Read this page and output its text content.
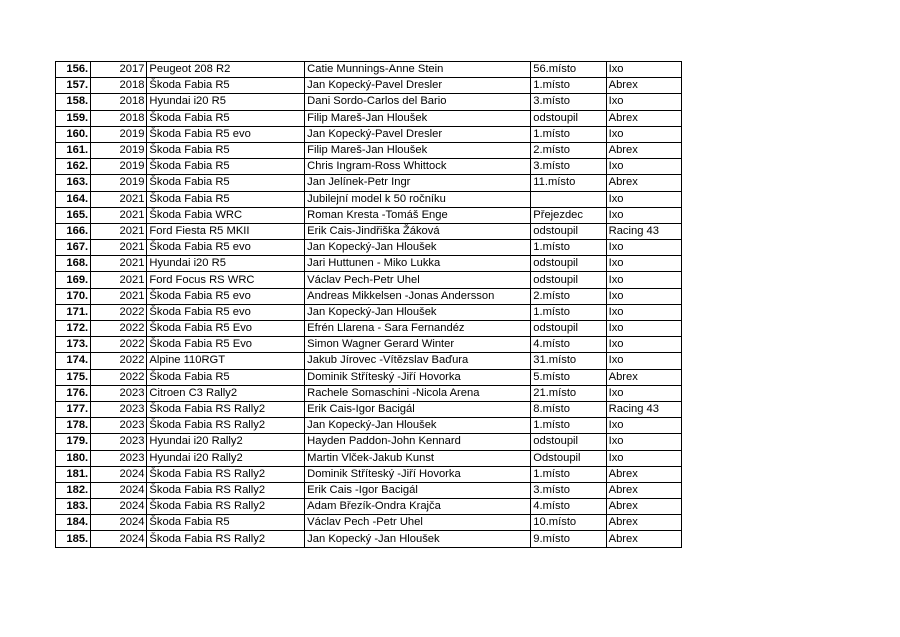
156.	2017	Peugeot 208 R2	Catie Munnings-Anne Stein	56.místo	Ixo
157.	2018	Škoda Fabia R5	Jan Kopecký-Pavel Dresler	1.místo	Abrex
158.	2018	Hyundai i20 R5	Dani Sordo-Carlos del Bario	3.místo	Ixo
159.	2018	Škoda Fabia R5	Filip Mareš-Jan Hloušek	odstoupil	Abrex
160.	2019	Škoda Fabia R5 evo	Jan Kopecký-Pavel Dresler	1.místo	Ixo
161.	2019	Škoda Fabia R5	Filip Mareš-Jan Hloušek	2.místo	Abrex
162.	2019	Škoda Fabia R5	Chris Ingram-Ross Whittock	3.místo	Ixo
163.	2019	Škoda Fabia R5	Jan Jelínek-Petr Ingr	11.místo	Abrex
164.	2021	Škoda Fabia R5	Jubilejní model k 50 ročníku		Ixo
165.	2021	Škoda Fabia WRC	Roman Kresta -Tomáš Enge	Přejezdec	Ixo
166.	2021	Ford Fiesta R5 MKII	Erik Cais-Jindřiška Žáková	odstoupil	Racing 43
167.	2021	Škoda Fabia R5 evo	Jan Kopecký-Jan Hloušek	1.místo	Ixo
168.	2021	Hyundai i20 R5	Jari Huttunen - Miko Lukka	odstoupil	Ixo
169.	2021	Ford Focus RS WRC	Václav Pech-Petr Uhel	odstoupil	Ixo
170.	2021	Škoda Fabia R5 evo	Andreas Mikkelsen -Jonas Andersson	2.místo	Ixo
171.	2022	Škoda Fabia R5 evo	Jan Kopecký-Jan Hloušek	1.místo	Ixo
172.	2022	Škoda Fabia R5 Evo	Efrén Llarena - Sara Fernandéz	odstoupil	Ixo
173.	2022	Škoda Fabia R5 Evo	Simon Wagner Gerard Winter	4.místo	Ixo
174.	2022	Alpine 110RGT	Jakub Jírovec -Vítězslav Baďura	31.místo	Ixo
175.	2022	Škoda Fabia R5	Dominik Stříteský -Jiří Hovorka	5.místo	Abrex
176.	2023	Citroen C3 Rally2	Rachele Somaschini -Nicola Arena	21.místo	Ixo
177.	2023	Škoda Fabia RS Rally2	Erik Cais-Igor Bacigál	8.místo	Racing 43
178.	2023	Škoda Fabia RS Rally2	Jan Kopecký-Jan Hloušek	1.místo	Ixo
179.	2023	Hyundai i20 Rally2	Hayden Paddon-John Kennard	odstoupil	Ixo
180.	2023	Hyundai i20 Rally2	Martin Vlček-Jakub Kunst	Odstoupil	Ixo
181.	2024	Škoda Fabia RS Rally2	Dominik Stříteský -Jiří Hovorka	1.místo	Abrex
182.	2024	Škoda Fabia RS Rally2	Erik Cais -Igor Bacigál	3.místo	Abrex
183.	2024	Škoda Fabia RS Rally2	Adam Březík-Ondra Krajča	4.místo	Abrex
184.	2024	Škoda Fabia R5	Václav Pech -Petr Uhel	10.místo	Abrex
185.	2024	Škoda Fabia RS Rally2	Jan Kopecký -Jan Hloušek	9.místo	Abrex
